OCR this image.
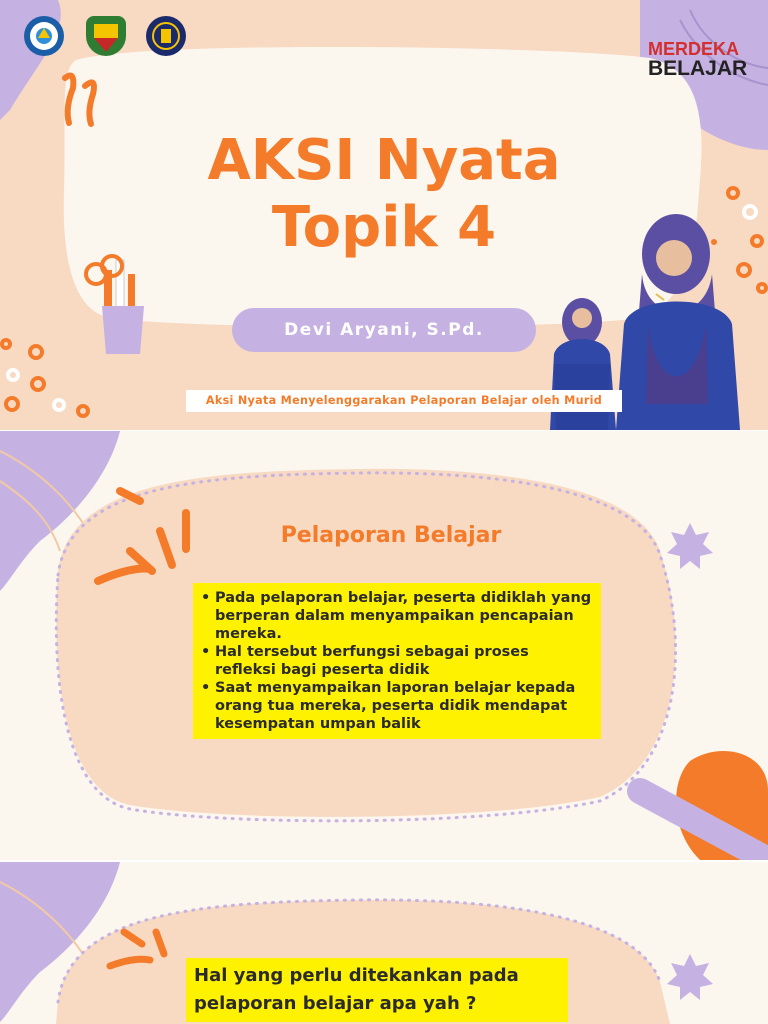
MERDEKA
BELAJAR
AKSI Nyata
Topik 4
Devi Aryani, S.Pd.
Aksi Nyata Menyelenggarakan Pelaporan Belajar oleh Murid
Pelaporan Belajar
• Pada pelaporan belajar, peserta didiklah yang berperan dalam menyampaikan pencapaian mereka.
• Hal tersebut berfungsi sebagai proses refleksi bagi peserta didik
• Saat menyampaikan laporan belajar kepada orang tua mereka, peserta didik mendapat kesempatan umpan balik
Hal yang perlu ditekankan pada
pelaporan belajar apa yah ?
